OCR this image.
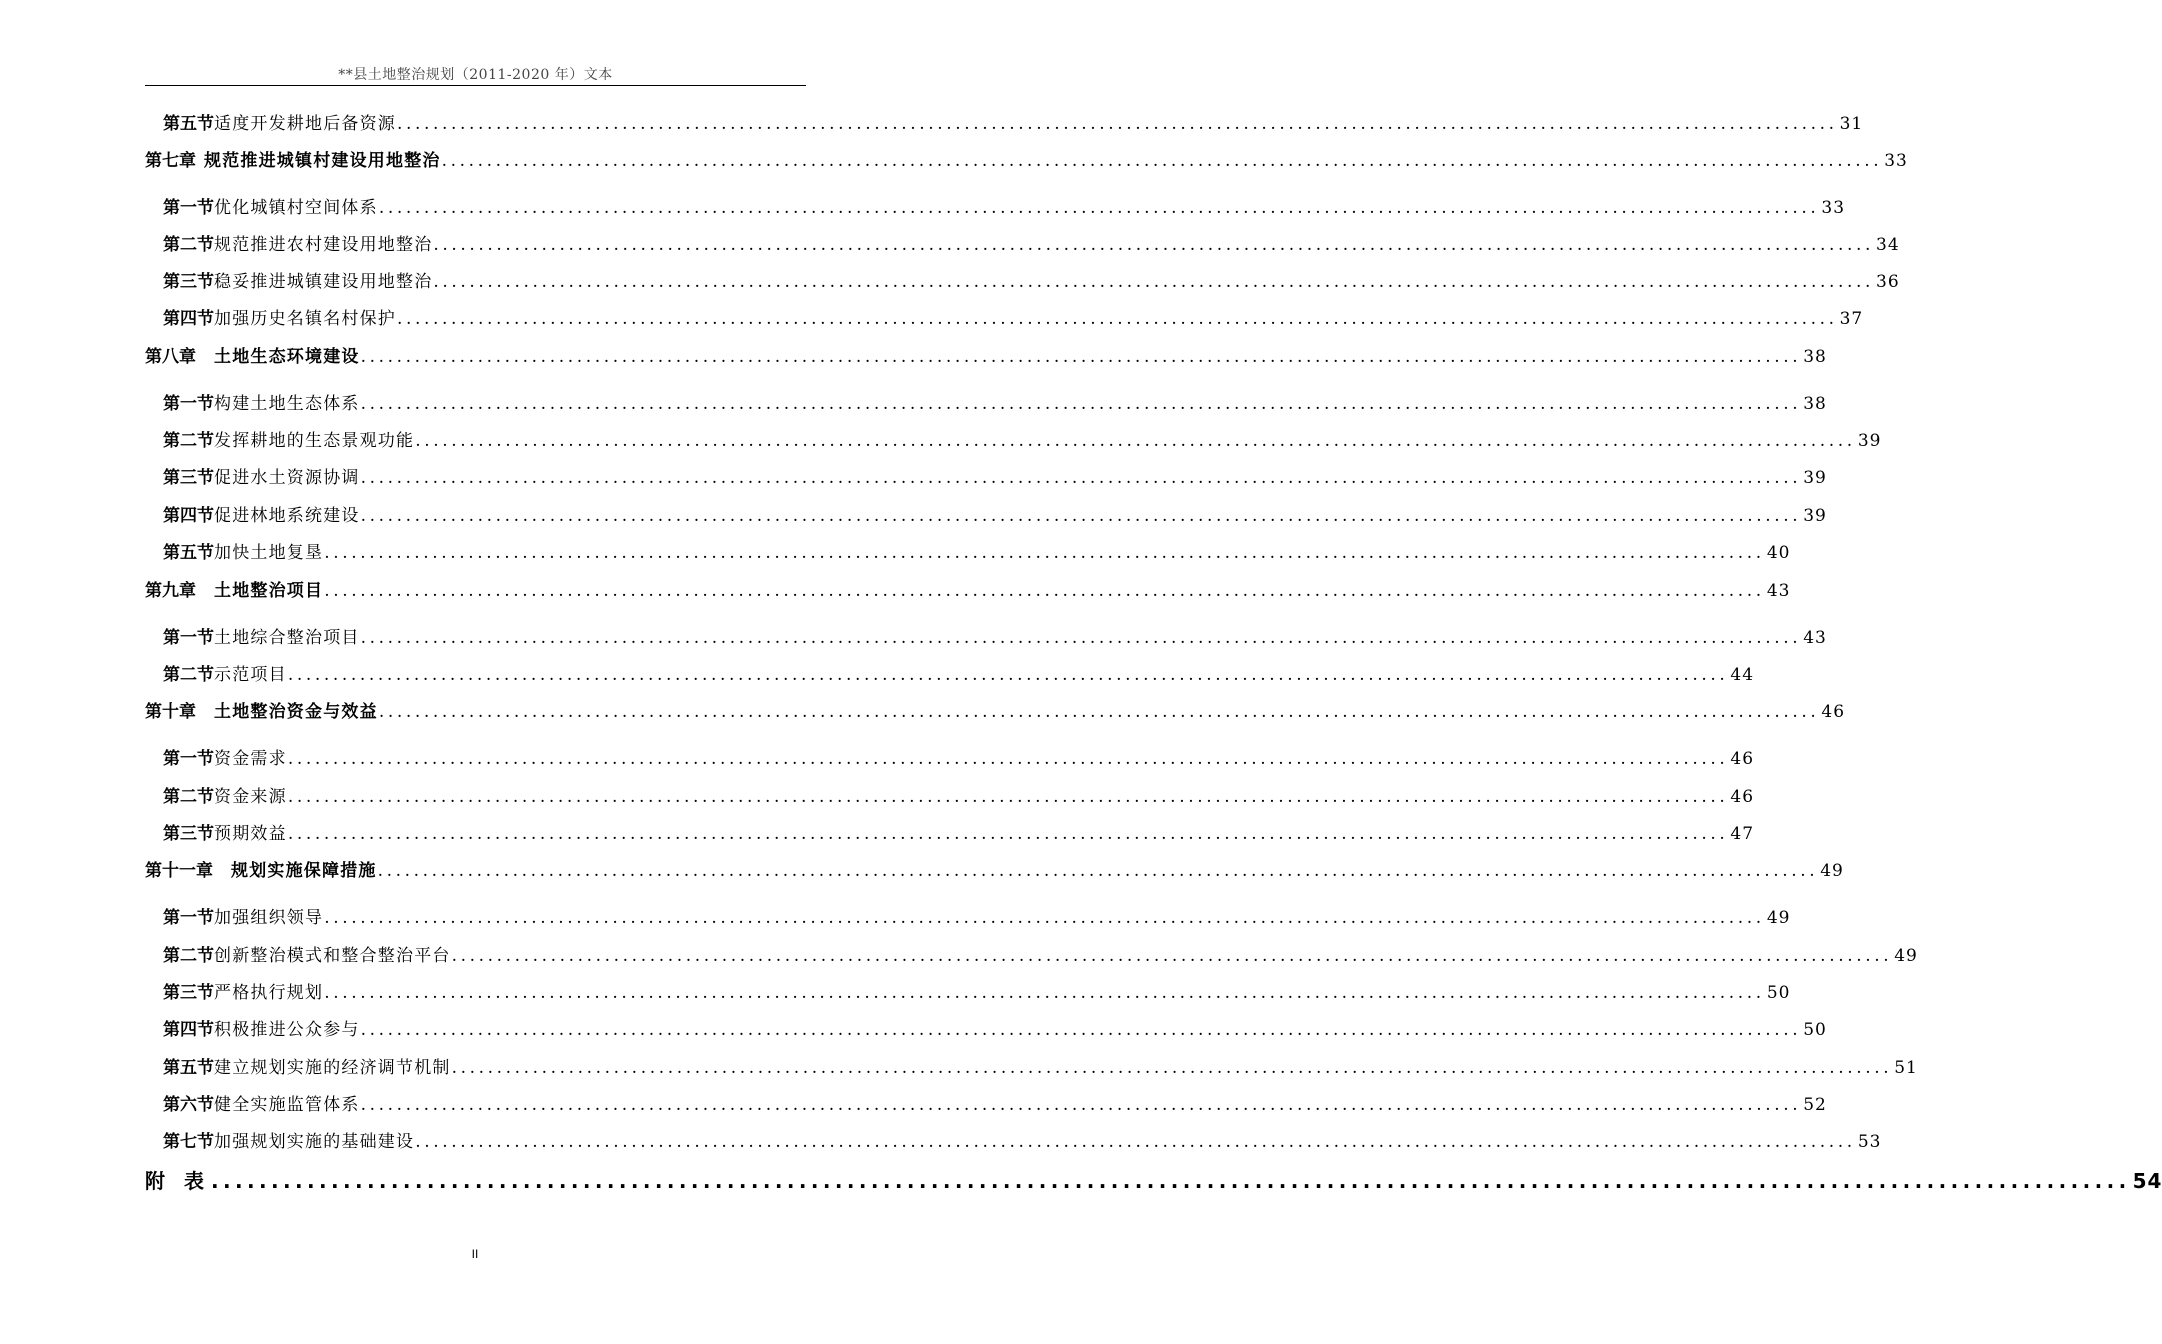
**县土地整治规划（2011-2020 年）文本
第五节 适度开发耕地后备资源 ................................................................................................................................................................ 31
第七章 规范推进城镇村建设用地整治 ................................................................................................................................................................ 33
第一节 优化城镇村空间体系 ................................................................................................................................................................ 33
第二节 规范推进农村建设用地整治 ................................................................................................................................................................ 34
第三节 稳妥推进城镇建设用地整治 ................................................................................................................................................................ 36
第四节 加强历史名镇名村保护 ................................................................................................................................................................ 37
第八章 土地生态环境建设 ................................................................................................................................................................ 38
第一节 构建土地生态体系 ................................................................................................................................................................ 38
第二节 发挥耕地的生态景观功能 ................................................................................................................................................................ 39
第三节 促进水土资源协调 ................................................................................................................................................................ 39
第四节 促进林地系统建设 ................................................................................................................................................................ 39
第五节 加快土地复垦 ................................................................................................................................................................ 40
第九章 土地整治项目 ................................................................................................................................................................ 43
第一节 土地综合整治项目 ................................................................................................................................................................ 43
第二节 示范项目 ................................................................................................................................................................ 44
第十章 土地整治资金与效益 ................................................................................................................................................................ 46
第一节 资金需求 ................................................................................................................................................................ 46
第二节 资金来源 ................................................................................................................................................................ 46
第三节 预期效益 ................................................................................................................................................................ 47
第十一章 规划实施保障措施 ................................................................................................................................................................ 49
第一节 加强组织领导 ................................................................................................................................................................ 49
第二节 创新整治模式和整合整治平台 ................................................................................................................................................................ 49
第三节 严格执行规划 ................................................................................................................................................................ 50
第四节 积极推进公众参与 ................................................................................................................................................................ 50
第五节 建立规划实施的经济调节机制 ................................................................................................................................................................ 51
第六节 健全实施监管体系 ................................................................................................................................................................ 52
第七节 加强规划实施的基础建设 ................................................................................................................................................................ 53
附 表 ................................................................................................................................................................ 54
II
